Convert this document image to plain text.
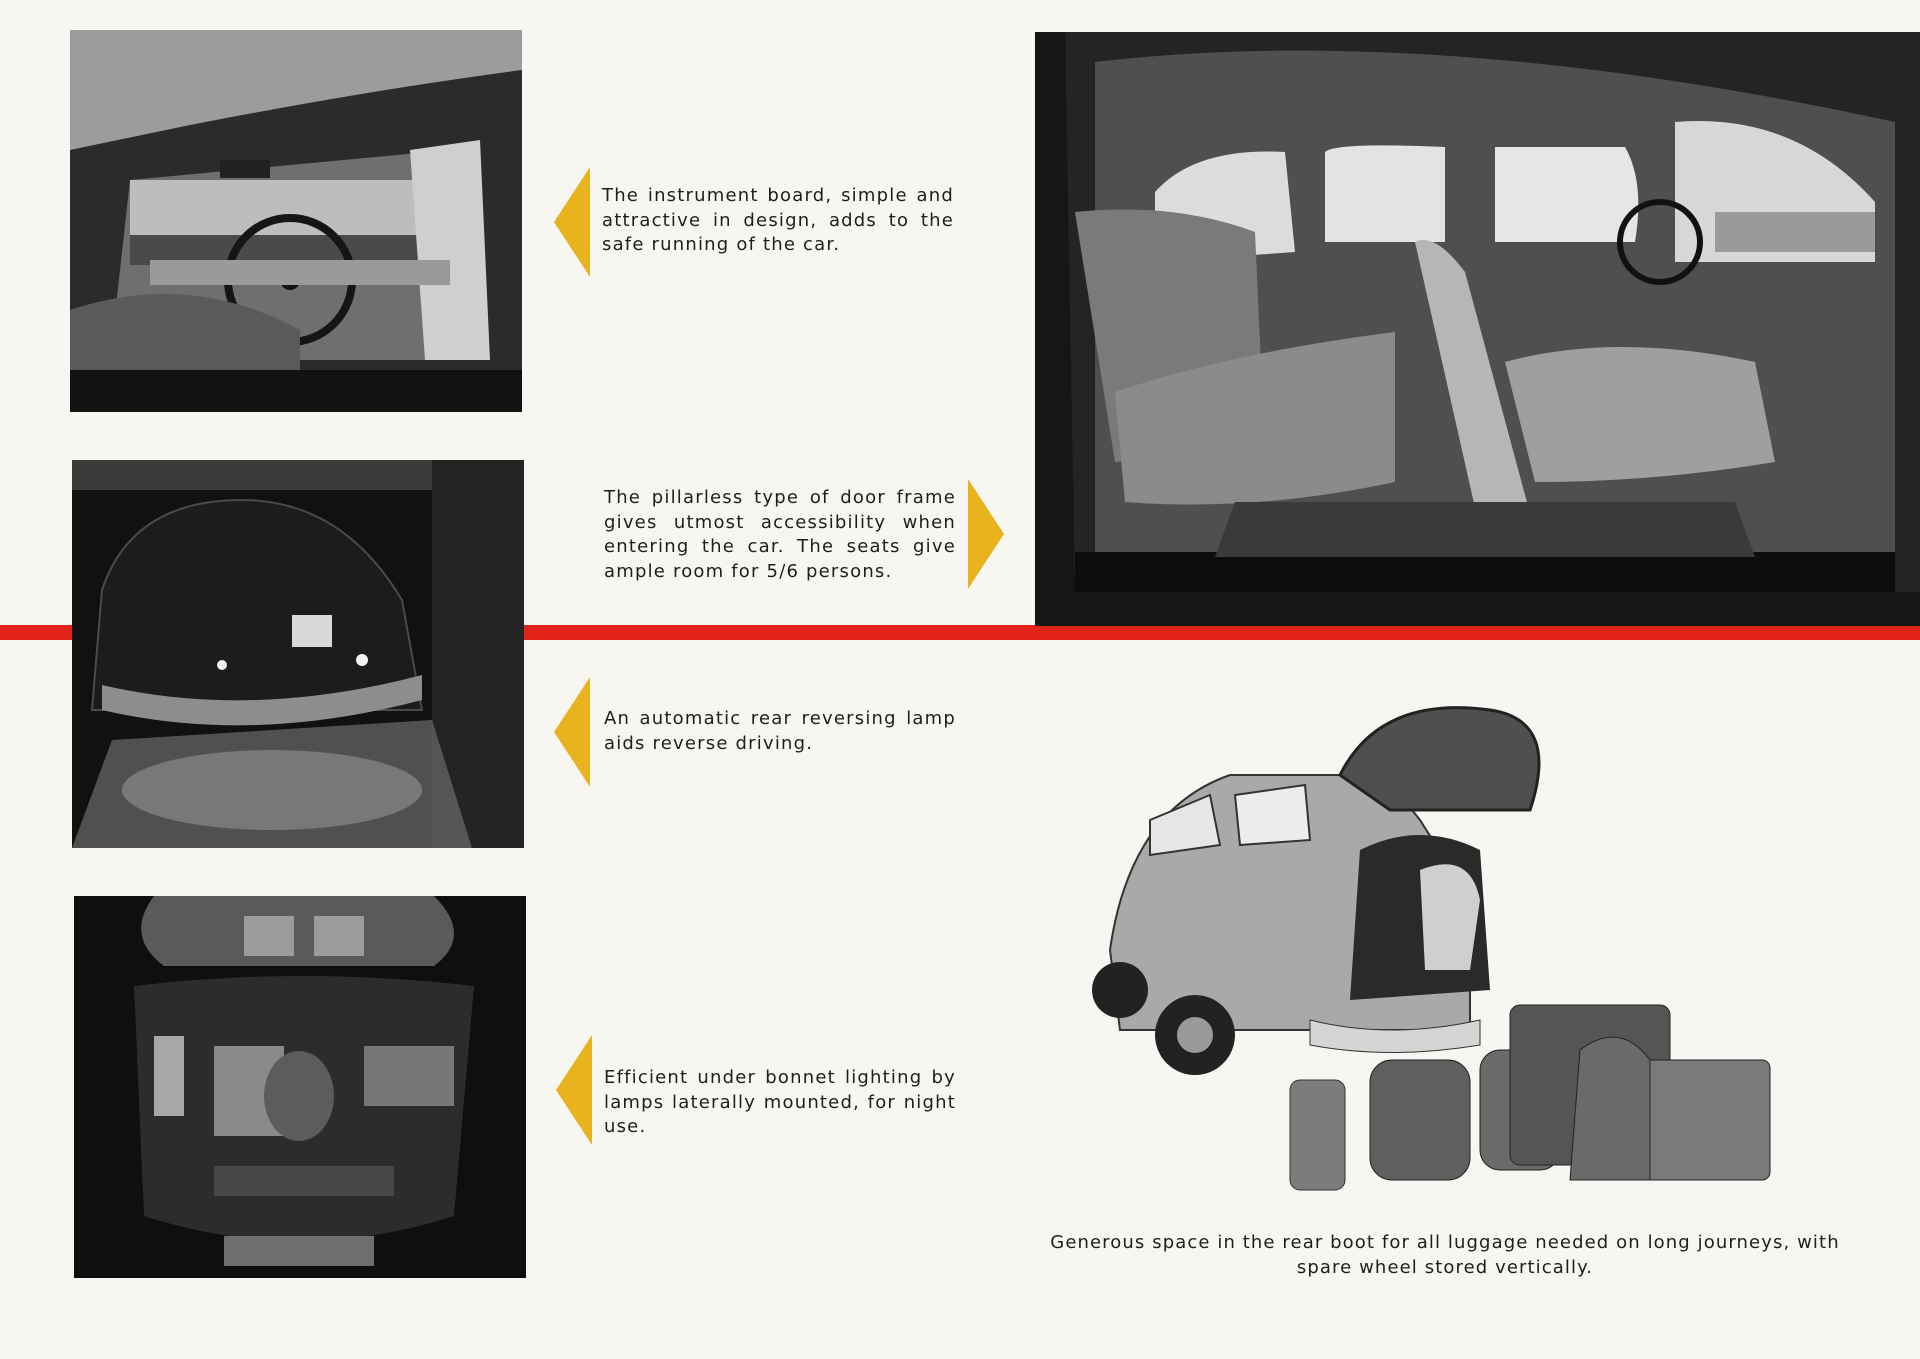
The instrument board, simple and attractive in design, adds to the safe running of the car.
The pillarless type of door frame gives utmost accessibility when entering the car. The seats give ample room for 5/6 persons.
An automatic rear reversing lamp aids reverse driving.
Efficient under bonnet lighting by lamps laterally mounted, for night use.
Generous space in the rear boot for all luggage needed on long journeys, with spare wheel stored vertically.
